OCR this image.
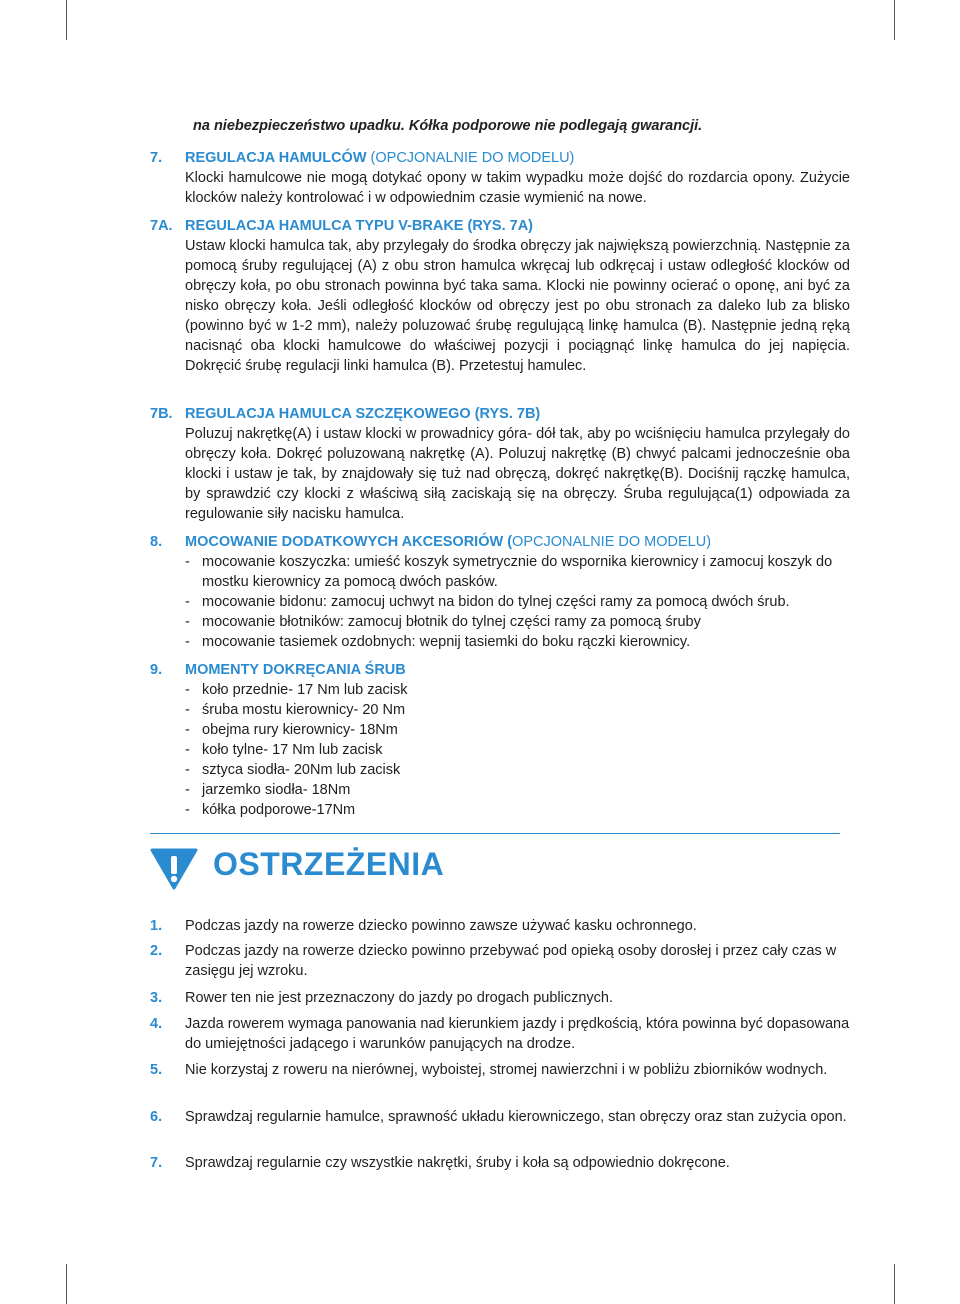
na niebezpieczeństwo upadku. Kółka podporowe nie podlegają gwarancji.
7.	REGULACJA HAMULCÓW (OPCJONALNIE DO MODELU)
Klocki hamulcowe nie mogą dotykać opony w takim wypadku może dojść do rozdarcia opony. Zużycie klocków należy kontrolować i w odpowiednim czasie wymienić na nowe.
7A. REGULACJA HAMULCA TYPU V-BRAKE (RYS. 7A)
Ustaw klocki hamulca tak, aby przylegały do środka obręczy jak największą powierzchnią. Następnie za pomocą śruby regulującej (A) z obu stron hamulca wkręcaj lub odkręcaj i ustaw odległość klocków od obręczy koła, po obu stronach powinna być taka sama. Klocki nie powinny ocierać o oponę, ani być za nisko obręczy koła. Jeśli odległość klocków od obręczy jest po obu stronach za daleko lub za blisko (powinno być w 1-2 mm), należy poluzować śrubę regulującą linkę hamulca (B). Następnie jedną ręką nacisnąć oba klocki hamulcowe do właściwej pozycji i pociągnąć linkę hamulca do jej napięcia. Dokręcić śrubę regulacji linki hamulca (B). Przetestuj hamulec.
7B. REGULACJA HAMULCA SZCZĘKOWEGO (RYS. 7B)
Poluzuj nakrętkę(A) i ustaw klocki w prowadnicy góra- dół tak, aby po wciśnięciu hamulca przylegały do obręczy koła. Dokręć poluzowaną nakrętkę (A). Poluzuj nakrętkę (B) chwyć palcami jednocześnie oba klocki i ustaw je tak, by znajdowały się tuż nad obręczą, dokręć nakrętkę(B). Dociśnij rączkę hamulca, by sprawdzić czy klocki z właściwą siłą zaciskają się na obręczy. Śruba regulująca(1) odpowiada za regulowanie siły nacisku hamulca.
8.	MOCOWANIE DODATKOWYCH AKCESORIÓW (OPCJONALNIE DO MODELU)
- mocowanie koszyczka: umieść koszyk symetrycznie do wspornika kierownicy i zamocuj koszyk do mostku kierownicy za pomocą dwóch pasków.
- mocowanie bidonu: zamocuj uchwyt na bidon do tylnej części ramy za pomocą dwóch śrub.
- mocowanie błotników: zamocuj błotnik do tylnej części ramy za pomocą śruby
- mocowanie tasiemek ozdobnych: wepnij tasiemki do boku rączki kierownicy.
9.	MOMENTY DOKRĘCANIA ŚRUB
- koło przednie- 17 Nm lub zacisk
- śruba mostu kierownicy- 20 Nm
- obejma rury kierownicy- 18Nm
- koło tylne- 17 Nm lub zacisk
- sztyca siodła- 20Nm lub zacisk
- jarzemko siodła- 18Nm
- kółka podporowe-17Nm
OSTRZEŻENIA
1.	Podczas jazdy na rowerze dziecko powinno zawsze używać kasku ochronnego.
2.	Podczas jazdy na rowerze dziecko powinno przebywać pod opieką osoby dorosłej i przez cały czas w zasięgu jej wzroku.
3.	Rower ten nie jest przeznaczony do jazdy po drogach publicznych.
4.	Jazda rowerem wymaga panowania nad kierunkiem jazdy i prędkością, która powinna być dopasowana do umiejętności jadącego i warunków panujących na drodze.
5.	Nie korzystaj z roweru na nierównej, wyboistej, stromej nawierzchni i w pobliżu zbiorników wodnych.
6.	Sprawdzaj regularnie hamulce, sprawność układu kierowniczego, stan obręczy oraz stan zużycia opon.
7.	Sprawdzaj regularnie czy wszystkie nakrętki, śruby i koła są odpowiednio dokręcone.
